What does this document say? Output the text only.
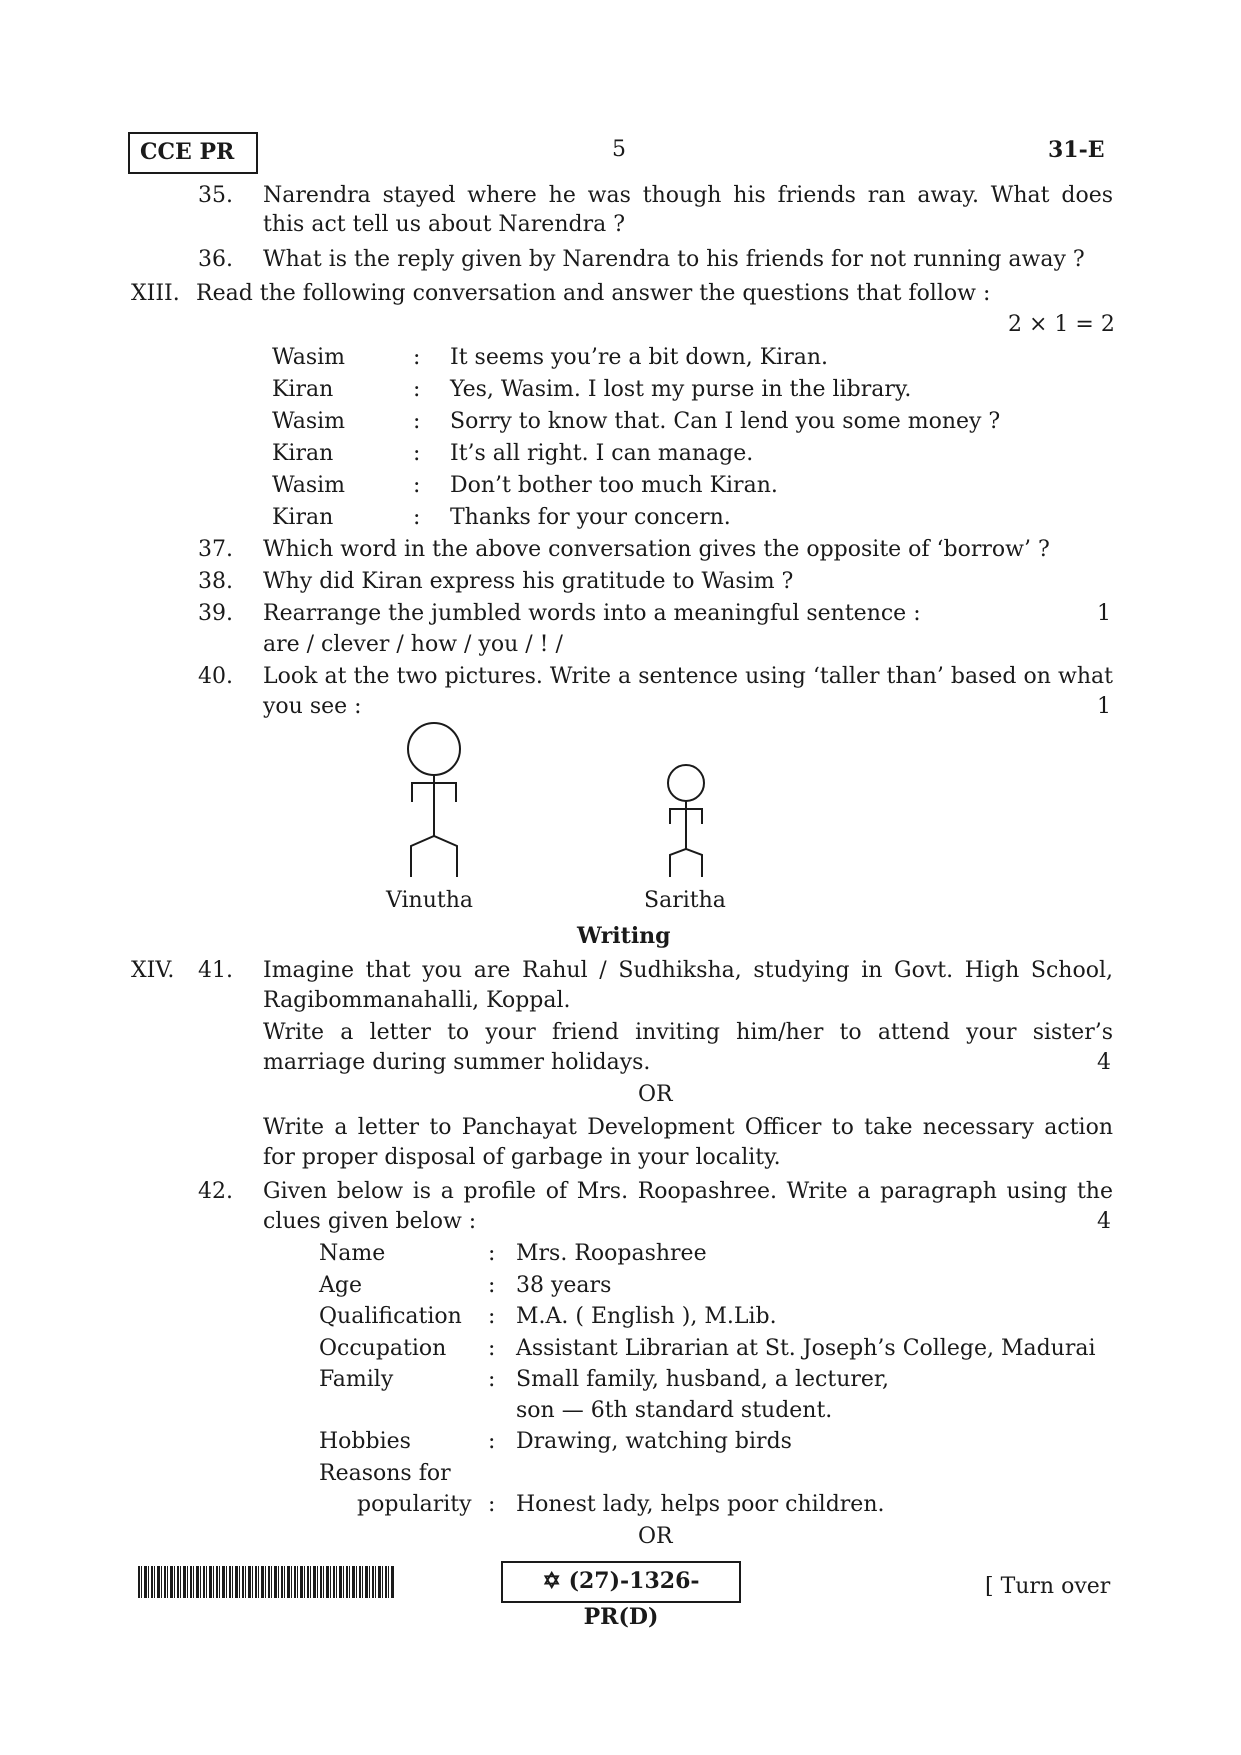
CCE PR	5	31-E
35. Narendra stayed where he was though his friends ran away. What does
this act tell us about Narendra ?
36. What is the reply given by Narendra to his friends for not running away ?
XIII. Read the following conversation and answer the questions that follow :
2 × 1 = 2
Wasim	: It seems you’re a bit down, Kiran.
Kiran	: Yes, Wasim. I lost my purse in the library.
Wasim	: Sorry to know that. Can I lend you some money ?
Kiran	: It’s all right. I can manage.
Wasim	: Don’t bother too much Kiran.
Kiran	: Thanks for your concern.
37. Which word in the above conversation gives the opposite of ‘borrow’ ?
38. Why did Kiran express his gratitude to Wasim ?
39. Rearrange the jumbled words into a meaningful sentence :	1
are / clever / how / you / ! /
40. Look at the two pictures. Write a sentence using ‘taller than’ based on what
you see :	1
Vinutha	Saritha
Writing
XIV. 41. Imagine that you are Rahul / Sudhiksha, studying in Govt. High School,
Ragibommanahalli, Koppal.
Write a letter to your friend inviting him/her to attend your sister’s
marriage during summer holidays.	4
OR
Write a letter to Panchayat Development Officer to take necessary action
for proper disposal of garbage in your locality.
42. Given below is a profile of Mrs. Roopashree. Write a paragraph using the
clues given below :	4
Name	: Mrs. Roopashree
Age	: 38 years
Qualification : M.A. ( English ), M.Lib.
Occupation : Assistant Librarian at St. Joseph’s College, Madurai
Family	: Small family, husband, a lecturer,
son — 6th standard student.
Hobbies	: Drawing, watching birds
Reasons for
popularity : Honest lady, helps poor children.
OR
✡ (27)-1326-PR(D)
[ Turn over
